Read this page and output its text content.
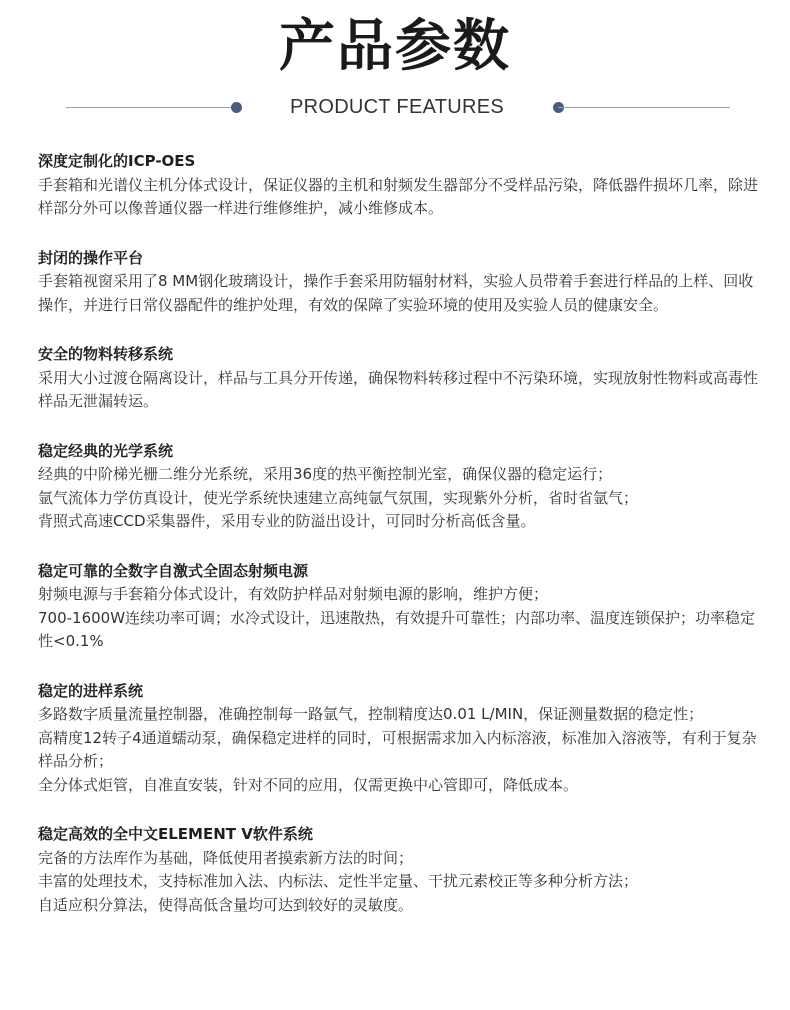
产品参数
PRODUCT FEATURES
深度定制化的ICP-OES
手套箱和光谱仪主机分体式设计，保证仪器的主机和射频发生器部分不受样品污染，降低器件损坏几率，除进样部分外可以像普通仪器一样进行维修维护，减小维修成本。
封闭的操作平台
手套箱视窗采用了8 MM钢化玻璃设计，操作手套采用防辐射材料，实验人员带着手套进行样品的上样、回收操作，并进行日常仪器配件的维护处理，有效的保障了实验环境的使用及实验人员的健康安全。
安全的物料转移系统
采用大小过渡仓隔离设计，样品与工具分开传递，确保物料转移过程中不污染环境，实现放射性物料或高毒性样品无泄漏转运。
稳定经典的光学系统
经典的中阶梯光栅二维分光系统，采用36度的热平衡控制光室，确保仪器的稳定运行；
氩气流体力学仿真设计，使光学系统快速建立高纯氩气氛围，实现紫外分析，省时省氩气；
背照式高速CCD采集器件，采用专业的防溢出设计，可同时分析高低含量。
稳定可靠的全数字自激式全固态射频电源
射频电源与手套箱分体式设计，有效防护样品对射频电源的影响，维护方便；
700-1600W连续功率可调；水冷式设计，迅速散热，有效提升可靠性；内部功率、温度连锁保护；功率稳定性<0.1%
稳定的进样系统
多路数字质量流量控制器，准确控制每一路氩气，控制精度达0.01 L/MIN，保证测量数据的稳定性；
高精度12转子4通道蠕动泵，确保稳定进样的同时，可根据需求加入内标溶液，标准加入溶液等，有利于复杂样品分析；
全分体式炬管，自准直安装，针对不同的应用，仅需更换中心管即可，降低成本。
稳定高效的全中文ELEMENT V软件系统
完备的方法库作为基础，降低使用者摸索新方法的时间；
丰富的处理技术，支持标准加入法、内标法、定性半定量、干扰元素校正等多种分析方法；
自适应积分算法，使得高低含量均可达到较好的灵敏度。
